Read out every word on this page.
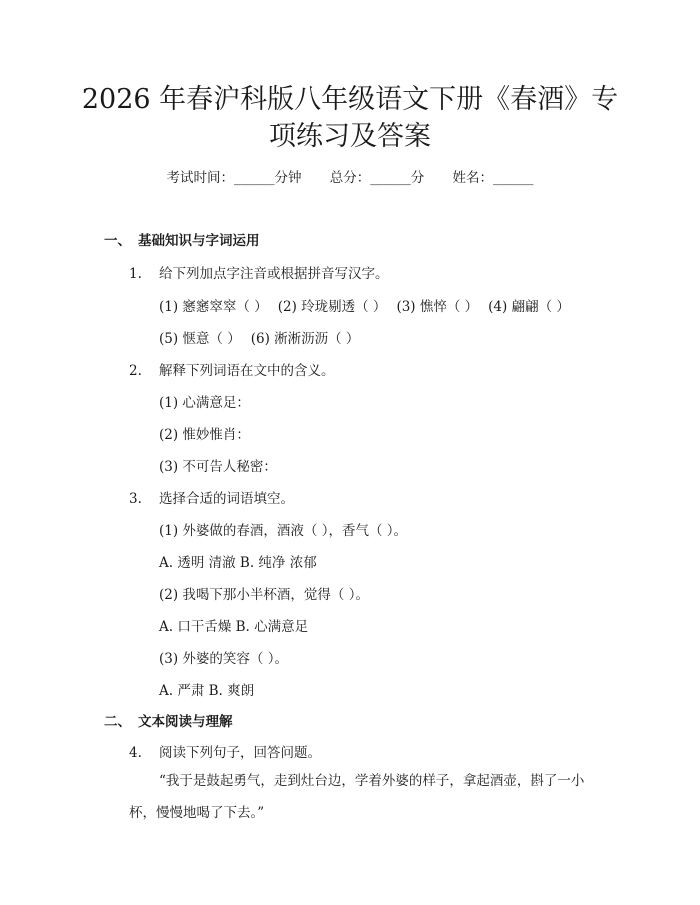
2026 年春沪科版八年级语文下册《春酒》专
项练习及答案
考试时间：______分钟 总分：______分 姓名：______
一、 基础知识与字词运用
1. 给下列加点字注音或根据拼音写汉字。
(1) 窸窸窣窣（ ） (2) 玲珑剔透（ ） (3) 憔悴（ ） (4) 翩翩（ ）
(5) 惬意（ ） (6) 淅淅沥沥（ ）
2. 解释下列词语在文中的含义。
(1) 心满意足：
(2) 惟妙惟肖：
(3) 不可告人秘密：
3. 选择合适的词语填空。
(1) 外婆做的春酒，酒液（ ），香气（ ）。
A. 透明 清澈 B. 纯净 浓郁
(2) 我喝下那小半杯酒，觉得（ ）。
A. 口干舌燥 B. 心满意足
(3) 外婆的笑容（ ）。
A. 严肃 B. 爽朗
二、 文本阅读与理解
4. 阅读下列句子，回答问题。
“我于是鼓起勇气，走到灶台边，学着外婆的样子，拿起酒壶，斟了一小杯，慢慢地喝了下去。”
